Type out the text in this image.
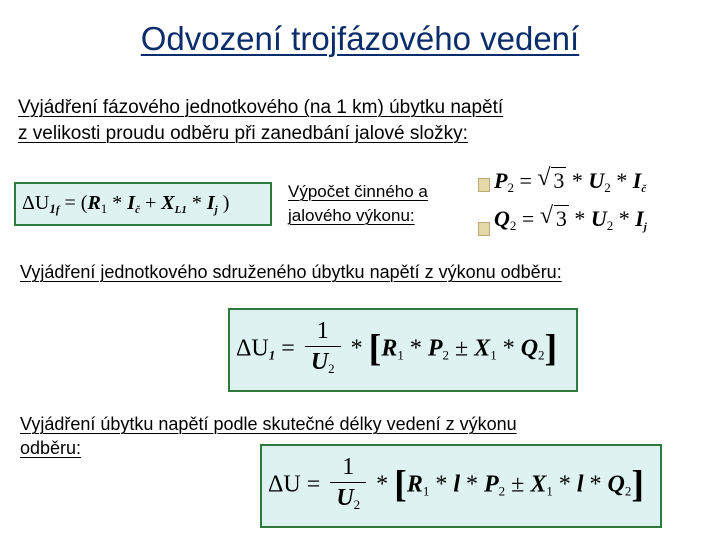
Odvození trojfázového vedení
Vyjádření fázového jednotkového (na 1 km) úbytku napětí
z velikosti proudu odběru při zanedbání jalové složky:
$\Delta U_{1f} = (R_1 * I_č + X_{L1} * I_j$ )
Výpočet činného a
jalového výkonu:
$P_2$ = √ $3 * U_2$ * Ič
$Q_2$ = √ $3 * U_2$ * Ij
Vyjádření jednotkového sdruženého úbytku napětí z výkonu odběru:
$\Delta U_1 = \frac{1}{U_2} * [R_1 * P_2 \pm X_1 * Q_2]$
Vyjádření úbytku napětí podle skutečné délky vedení z výkonu
odběru:
$\Delta U = \frac{1}{U_2} * [R_1 * l * P_2 \pm X_1 * l * Q_2]$
